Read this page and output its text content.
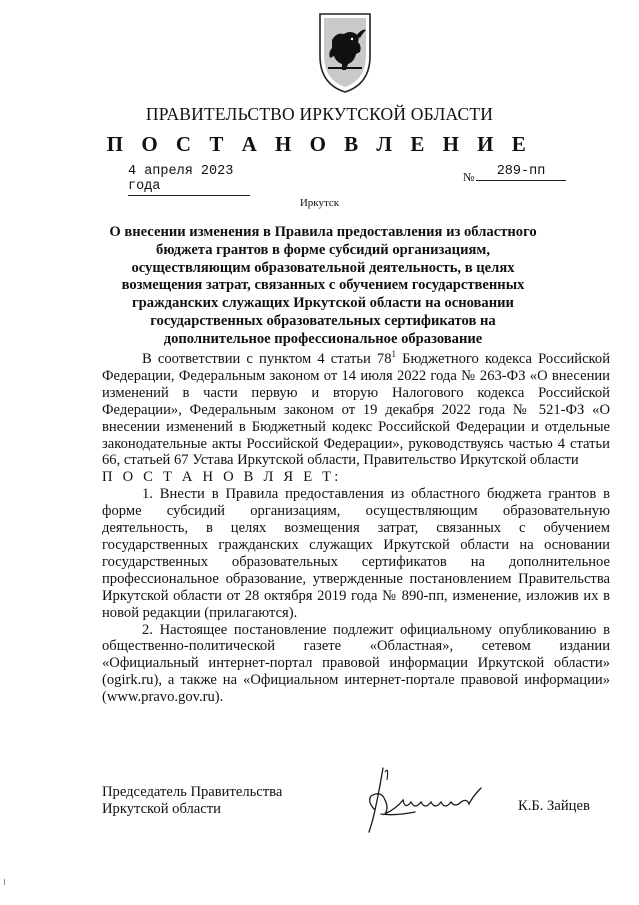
ПРАВИТЕЛЬСТВО ИРКУТСКОЙ ОБЛАСТИ
П О С Т А Н О В Л Е Н И Е
4 апреля 2023 года
№	289-пп
Иркутск
О внесении изменения в Правила предоставления из областного бюджета грантов в форме субсидий организациям, осуществляющим образовательной деятельность, в целях возмещения затрат, связанных с обучением государственных гражданских служащих Иркутской области на основании государственных образовательных сертификатов на дополнительное профессиональное образование

В соответствии с пунктом 4 статьи $78^1$ Бюджетного кодекса Российской Федерации, Федеральным законом от 14 июля 2022 года № 263-ФЗ «О внесении изменений в части первую и вторую Налогового кодекса Российской Федерации», Федеральным законом от 19 декабря 2022 года № 521-ФЗ «О внесении изменений в Бюджетный кодекс Российской Федерации и отдельные законодательные акты Российской Федерации», руководствуясь частью 4 статьи 66, статьей 67 Устава Иркутской области, Правительство Иркутской области

П О С Т А Н О В Л Я Е Т:

1. Внести в Правила предоставления из областного бюджета грантов в форме субсидий организациям, осуществляющим образовательную деятельность, в целях возмещения затрат, связанных с обучением государственных гражданских служащих Иркутской области на основании государственных образовательных сертификатов на дополнительное профессиональное образование, утвержденные постановлением Правительства Иркутской области от 28 октября 2019 года № 890-пп, изменение, изложив их в новой редакции (прилагаются).

2. Настоящее постановление подлежит официальному опубликованию в общественно-политической газете «Областная», сетевом издании «Официальный интернет-портал правовой информации Иркутской области» (ogirk.ru), а также на «Официальном интернет-портале правовой информации» (www.pravo.gov.ru).

Председатель Правительства
Иркутской области	К.Б. Зайцев
